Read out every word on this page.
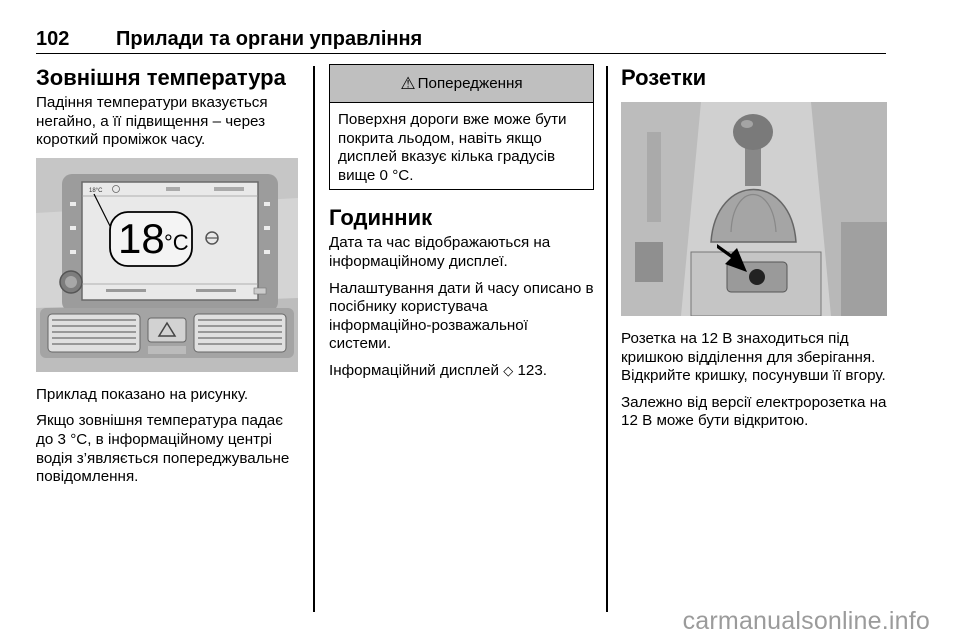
102 Прилади та органи управління
Зовнішня температура

Падіння температури вказується негайно, а її підвищення – через короткий проміжок часу.

18°C
18 °C

Приклад показано на рисунку.

Якщо зовнішня температура падає до 3 °C, в інформаційному центрі водія з’являється попереджувальне повідомлення.

⚠ Попередження
Поверхня дороги вже може бути покрита льодом, навіть якщо дисплей вказує кілька градусів вище 0 °C.
Годинник

Дата та час відображаються на інформаційному дисплеї.

Налаштування дати й часу описано в посібнику користувача інформаційно-розважальної системи.

Інформаційний дисплей ◇ 123.

Розетки

Розетка на 12 В знаходиться під кришкою відділення для зберігання. Відкрийте кришку, посунувши її вгору.

Залежно від версії електророзетка на 12 В може бути відкритою.

carmanualsonline.info
